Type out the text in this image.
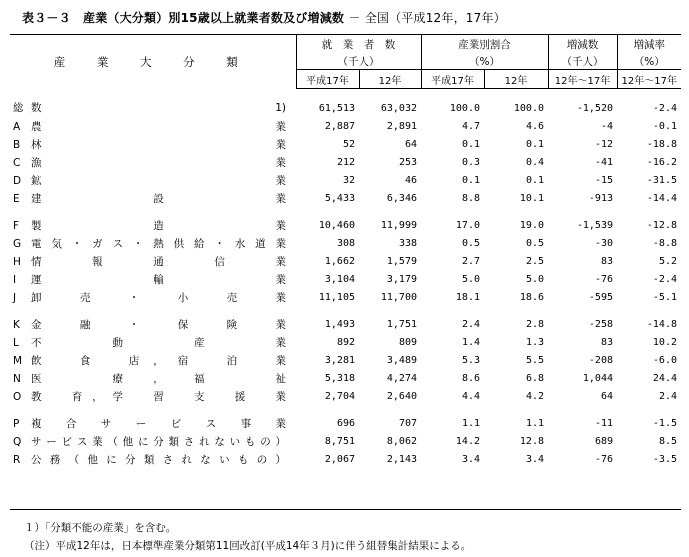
表３－３　産業（大分類）別15歳以上就業者数及び増減数 － 全国（平成12年，17年）
産 業 大 分 類	就　業　者　数		産業別割合		増減数	増減率
	（千人）		（%）		（千人）	（%）
	平成17年	12年	平成17年	12年	12年～17年	12年～17年
総 数 1)	61,513	63,032	100.0	100.0	-1,520	-2.4
A 農　業	2,887	2,891	4.7	4.6	-4	-0.1
B 林　業	52	64	0.1	0.1	-12	-18.8
C 漁　業	212	253	0.3	0.4	-41	-16.2
D 鉱　業	32	46	0.1	0.1	-15	-31.5
E 建　設　業	5,433	6,346	8.8	10.1	-913	-14.4

F 製　造　業	10,460	11,999	17.0	19.0	-1,539	-12.8
G 電気・ガス・熱供給・水道業	308	338	0.5	0.5	-30	-8.8
H 情　報　通　信　業	1,662	1,579	2.7	2.5	83	5.2
I 運　輸　業	3,104	3,179	5.0	5.0	-76	-2.4
J 卸　売　・　小　売　業	11,105	11,700	18.1	18.6	-595	-5.1

K 金　融　・　保　険　業	1,493	1,751	2.4	2.8	-258	-14.8
L 不　動　産　業	892	809	1.4	1.3	83	10.2
M 飲　食　店，宿　泊　業	3,281	3,489	5.3	5.5	-208	-6.0
N 医　療，福　祉	5,318	4,274	8.6	6.8	1,044	24.4
O 教　育，学　習　支　援　業	2,704	2,640	4.4	4.2	64	2.4

P 複　合　サ　ー　ビ　ス　事　業	696	707	1.1	1.1	-11	-1.5
Q サービス業（他に分類されないもの）	8,751	8,062	14.2	12.8	689	8.5
R 公務（他に分類されないもの）	2,067	2,143	3.4	3.4	-76	-3.5
１）「分類不能の産業」を含む。
（注）平成12年は，日本標準産業分類第11回改訂(平成14年３月)に伴う組替集計結果による。
